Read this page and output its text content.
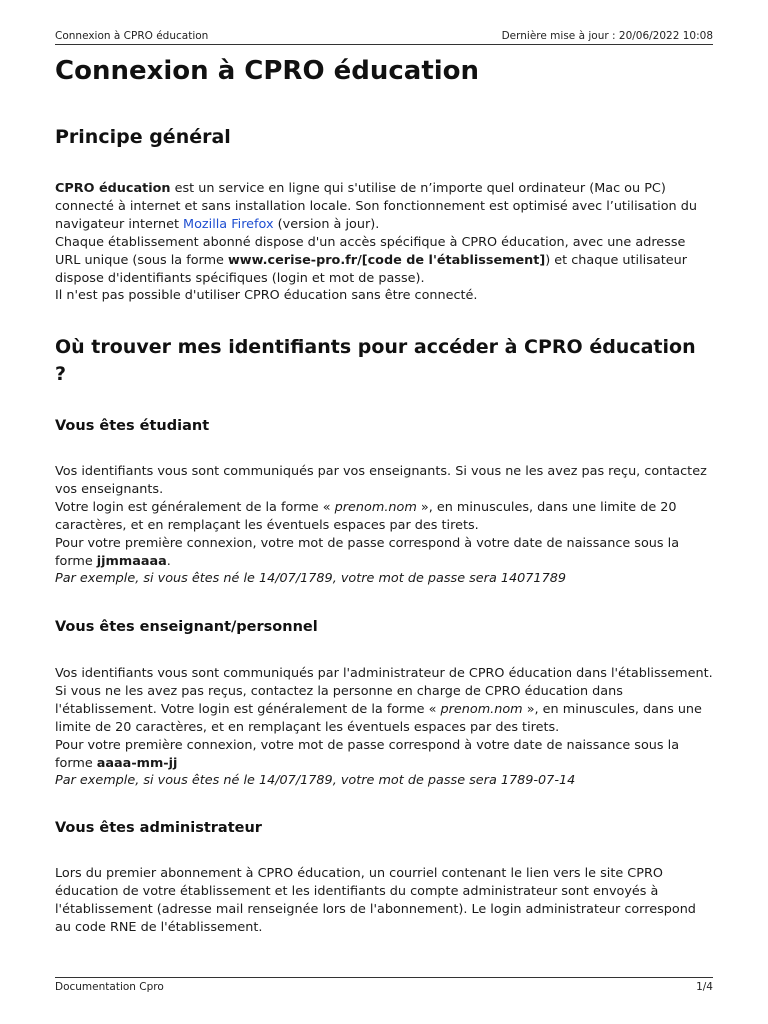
Connexion à CPRO éducation	Dernière mise à jour : 20/06/2022 10:08
Connexion à CPRO éducation
Principe général

CPRO éducation est un service en ligne qui s'utilise de n’importe quel ordinateur (Mac ou PC) connecté à internet et sans installation locale. Son fonctionnement est optimisé avec l’utilisation du navigateur internet Mozilla Firefox (version à jour).
Chaque établissement abonné dispose d'un accès spécifique à CPRO éducation, avec une adresse URL unique (sous la forme www.cerise-pro.fr/[code de l'établissement]) et chaque utilisateur dispose d'identifiants spécifiques (login et mot de passe).
Il n'est pas possible d'utiliser CPRO éducation sans être connecté.

Où trouver mes identifiants pour accéder à CPRO éducation ?
Vous êtes étudiant

Vos identifiants vous sont communiqués par vos enseignants. Si vous ne les avez pas reçu, contactez vos enseignants.
Votre login est généralement de la forme « prenom.nom », en minuscules, dans une limite de 20 caractères, et en remplaçant les éventuels espaces par des tirets.
Pour votre première connexion, votre mot de passe correspond à votre date de naissance sous la forme jjmmaaaa.
Par exemple, si vous êtes né le 14/07/1789, votre mot de passe sera 14071789

Vous êtes enseignant/personnel

Vos identifiants vous sont communiqués par l'administrateur de CPRO éducation dans l'établissement. Si vous ne les avez pas reçus, contactez la personne en charge de CPRO éducation dans l'établissement. Votre login est généralement de la forme « prenom.nom », en minuscules, dans une limite de 20 caractères, et en remplaçant les éventuels espaces par des tirets.
Pour votre première connexion, votre mot de passe correspond à votre date de naissance sous la forme aaaa-mm-jj
Par exemple, si vous êtes né le 14/07/1789, votre mot de passe sera 1789-07-14

Vous êtes administrateur

Lors du premier abonnement à CPRO éducation, un courriel contenant le lien vers le site CPRO éducation de votre établissement et les identifiants du compte administrateur sont envoyés à l'établissement (adresse mail renseignée lors de l'abonnement). Le login administrateur correspond au code RNE de l'établissement.

Documentation Cpro	1/4
